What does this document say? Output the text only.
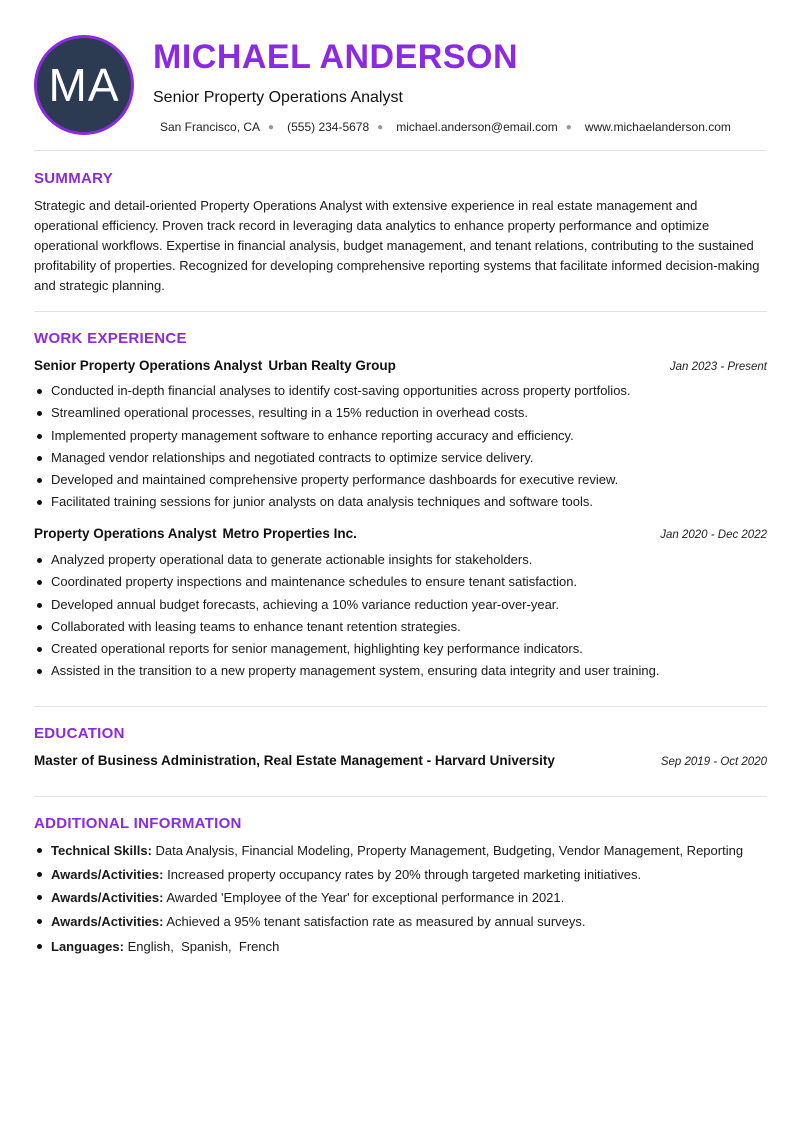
MA
MICHAEL ANDERSON
Senior Property Operations Analyst
San Francisco, CA ● (555) 234-5678 ● michael.anderson@email.com ● www.michaelanderson.com
SUMMARY

Strategic and detail-oriented Property Operations Analyst with extensive experience in real estate management and operational efficiency. Proven track record in leveraging data analytics to enhance property performance and optimize operational workflows. Expertise in financial analysis, budget management, and tenant relations, contributing to the sustained profitability of properties. Recognized for developing comprehensive reporting systems that facilitate informed decision-making and strategic planning.

WORK EXPERIENCE
Senior Property Operations Analyst Urban Realty Group	Jan 2023 - Present
Conducted in-depth financial analyses to identify cost-saving opportunities across property portfolios.
Streamlined operational processes, resulting in a 15% reduction in overhead costs.
Implemented property management software to enhance reporting accuracy and efficiency.
Managed vendor relationships and negotiated contracts to optimize service delivery.
Developed and maintained comprehensive property performance dashboards for executive review.
Facilitated training sessions for junior analysts on data analysis techniques and software tools.
Property Operations Analyst Metro Properties Inc.	Jan 2020 - Dec 2022
Analyzed property operational data to generate actionable insights for stakeholders.
Coordinated property inspections and maintenance schedules to ensure tenant satisfaction.
Developed annual budget forecasts, achieving a 10% variance reduction year-over-year.
Collaborated with leasing teams to enhance tenant retention strategies.
Created operational reports for senior management, highlighting key performance indicators.
Assisted in the transition to a new property management system, ensuring data integrity and user training.
EDUCATION
Master of Business Administration, Real Estate Management - Harvard University	Sep 2019 - Oct 2020
ADDITIONAL INFORMATION
Technical Skills: Data Analysis, Financial Modeling, Property Management, Budgeting, Vendor Management, Reporting
Awards/Activities: Increased property occupancy rates by 20% through targeted marketing initiatives.
Awards/Activities: Awarded 'Employee of the Year' for exceptional performance in 2021.
Awards/Activities: Achieved a 95% tenant satisfaction rate as measured by annual surveys.
Languages: English,  Spanish,  French
